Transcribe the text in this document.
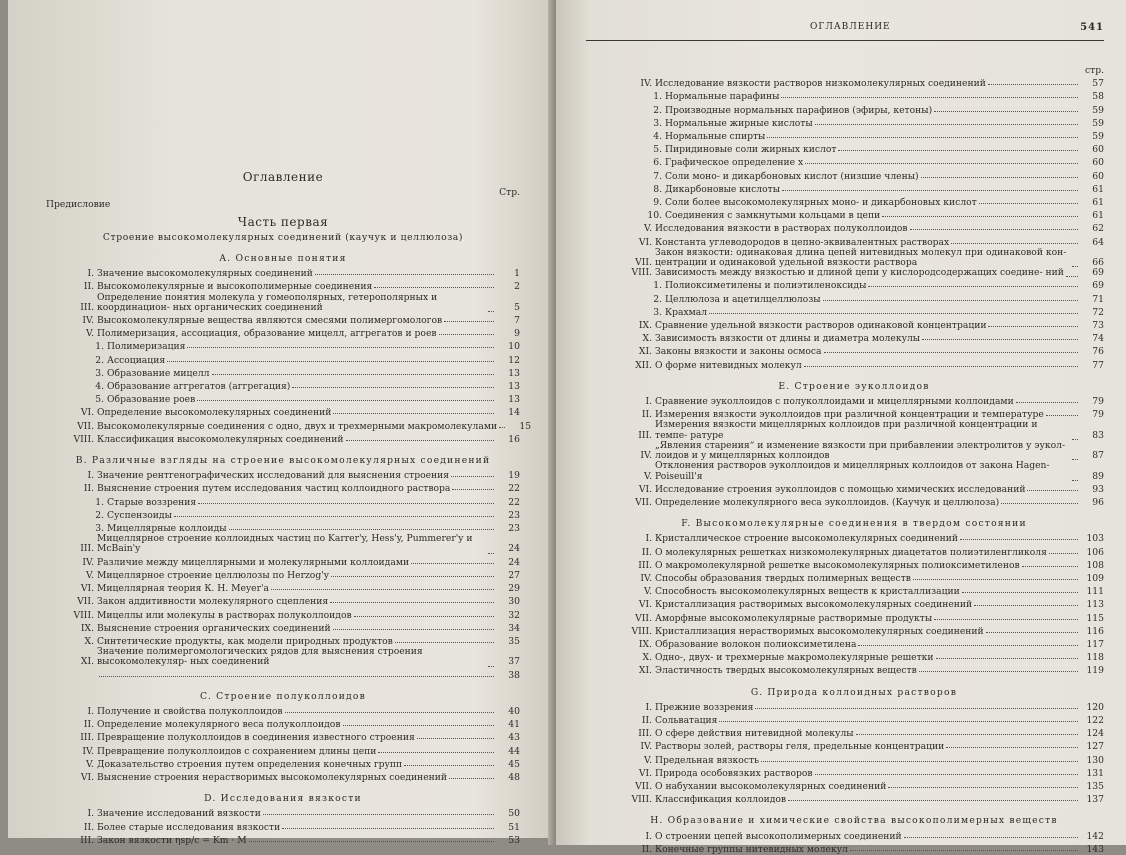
Оглавление
Стр.
Предисловие
Часть первая
Строение высокомолекулярных соединений (каучук и целлюлоза)
A. Основные понятия
I. Значение высокомолекулярных соединений	1
II. Высокомолекулярные и высокополимерные соединения	2
III.
Определение понятия молекула у гомеополярных, гетерополярных и координацион- ных органических соединений	5
IV. Высокомолекулярные вещества являются смесями полимергомологов	7
V. Полимеризация, ассоциация, образование мицелл, аггрегатов и роев	9
1. Полимеризация	10
2. Ассоциация	12
3. Образование мицелл	13
4. Образование аггрегатов (аггрегация)	13
5. Образование роев	13
VI. Определение высокомолекулярных соединений	14
VII. Высокомолекулярные соединения с одно, двух и трехмерными макромолекулами	15
VIII. Классификация высокомолекулярных соединений	16
B. Различные взгляды на строение высокомолекулярных соединений
I. Значение рентгенографических исследований для выяснения строения	19
II. Выяснение строения путем исследования частиц коллоидного раствора	22
1. Старые воззрения	22
2. Суспензоиды	23
3. Мицеллярные коллоиды	23
III.
Мицеллярное строение коллоидных частиц по Karrer'y, Hess'y, Pummerer'y и McBain'y	24
IV. Различие между мицеллярными и молекулярными коллоидами	24
V. Мицеллярное строение целлюлозы по Herzog'y	27
VI. Мицеллярная теория К. Н. Meyer'a	29
VII. Закон аддитивности молекулярного сцепления	30
VIII. Мицеллы или молекулы в растворах полуколлоидов	32
IX. Выяснение строения органических соединений	34
X. Синтетические продукты, как модели природных продуктов	35
XI.
Значение полимергомологических рядов для выяснения строения высокомолекуляр- ных соединений	37
38
C. Строение полуколлоидов
I. Получение и свойства полуколлоидов	40
II. Определение молекулярного веса полуколлоидов	41
III. Превращение полуколлоидов в соединения известного строения	43
IV. Превращение полуколлоидов с сохранением длины цепи	44
V. Доказательство строения путем определения конечных групп	45
VI. Выяснение строения нерастворимых высокомолекулярных соединений	48
D. Исследования вязкости
I. Значение исследований вязкости	50
II. Более старые исследования вязкости	51
III. Закон вязкости ηsp/c = Km · M	53
ОГЛАВЛЕНИЕ	541
стр.
IV. Исследование вязкости растворов низкомолекулярных соединений	57
1. Нормальные парафины	58
2. Производные нормальных парафинов (эфиры, кетоны)	59
3. Нормальные жирные кислоты	59
4. Нормальные спирты	59
5. Пиридиновые соли жирных кислот	60
6. Графическое определение x	60
7. Соли моно- и дикарбоновых кислот (низшие члены)	60
8. Дикарбоновые кислоты	61
9. Соли более высокомолекулярных моно- и дикарбоновых кислот	61
10. Соединения с замкнутыми кольцами в цепи	61
V. Исследования вязкости в растворах полуколлоидов	62
VI. Константа углеводородов в цепно-эквивалентных растворах	64
VII.
Закон вязкости: одинаковая длина цепей нитевидных молекул при одинаковой кон- центрации и одинаковой удельной вязкости раствора	66
VIII. Зависимость между вязкостью и длиной цепи у кислородсодержащих соедине- ний	69
1. Полиоксиметилены и полиэтиленоксиды	69
2. Целлюлоза и ацетилцеллюлозы	71
3. Крахмал	72
IX. Сравнение удельной вязкости растворов одинаковой концентрации	73
X. Зависимость вязкости от длины и диаметра молекулы	74
XI. Законы вязкости и законы осмоса	76
XII. О форме нитевидных молекул	77
E. Строение эуколлоидов
I. Сравнение эуколлоидов с полуколлоидами и мицеллярными коллоидами	79
II. Измерения вязкости эуколлоидов при различной концентрации и температуре	79
III.
Измерения вязкости мицеллярных коллоидов при различной концентрации и темпе- ратуре	83
IV.
„Явления старения“ и изменение вязкости при прибавлении электролитов у эукол- лоидов и у мицеллярных коллоидов	87
V.
Отклонения растворов эуколлоидов и мицеллярных коллоидов от закона Hagen- Poiseuill'я	89
VI. Исследование строения эуколлоидов с помощью химических исследований	93
VII. Определение молекулярного веса эуколлоидов. (Каучук и целлюлоза)	96
F. Высокомолекулярные соединения в твердом состоянии
I. Кристаллическое строение высокомолекулярных соединений	103
II. О молекулярных решетках низкомолекулярных диацетатов полиэтиленгликоля	106
III. О макромолекулярной решетке высокомолекулярных полиоксиметиленов	108
IV. Способы образования твердых полимерных веществ	109
V. Способность высокомолекулярных веществ к кристаллизации	111
VI. Кристаллизация растворимых высокомолекулярных соединений	113
VII. Аморфные высокомолекулярные растворимые продукты	115
VIII. Кристаллизация нерастворимых высокомолекулярных соединений	116
IX. Образование волокон полиоксиметилена	117
X. Одно-, двух- и трехмерные макромолекулярные решетки	118
XI. Эластичность твердых высокомолекулярных веществ	119
G. Природа коллоидных растворов
I. Прежние воззрения	120
II. Сольватация	122
III. О сфере действия нитевидной молекулы	124
IV. Растворы золей, растворы геля, предельные концентрации	127
V. Предельная вязкость	130
VI. Природа особовязких растворов	131
VII. О набухании высокомолекулярных соединений	135
VIII. Классификация коллоидов	137
H. Образование и химические свойства высокополимерных веществ
I. О строении цепей высокополимерных соединений	142
II. Конечные группы нитевидных молекул	143
